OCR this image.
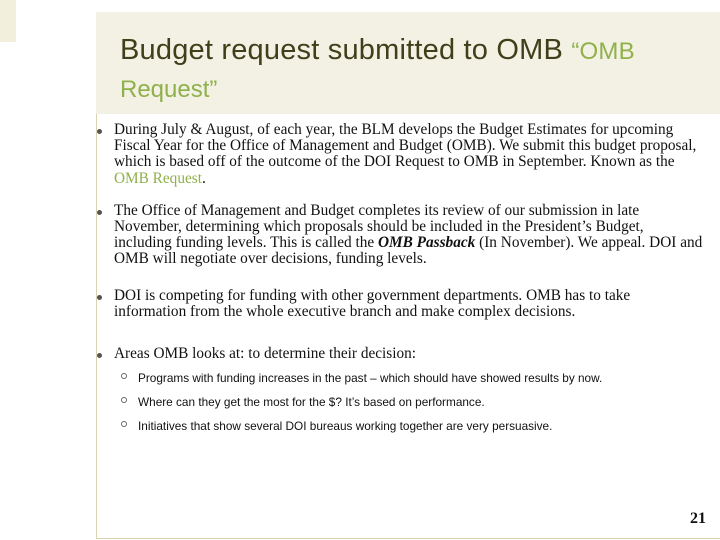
Budget request submitted to OMB “OMB
Request”
During July & August, of each year, the BLM develops the Budget Estimates for upcoming Fiscal Year for the Office of Management and Budget (OMB). We submit this budget proposal, which is based off of the outcome of the DOI Request to OMB in September. Known as the OMB Request.
The Office of Management and Budget completes its review of our submission in late November, determining which proposals should be included in the President’s Budget, including funding levels. This is called the OMB Passback (In November). We appeal. DOI and OMB will negotiate over decisions, funding levels.
DOI is competing for funding with other government departments. OMB has to take information from the whole executive branch and make complex decisions.
Areas OMB looks at: to determine their decision:
Programs with funding increases in the past – which should have showed results by now.
Where can they get the most for the $? It’s based on performance.
Initiatives that show several DOI bureaus working together are very persuasive.
21
